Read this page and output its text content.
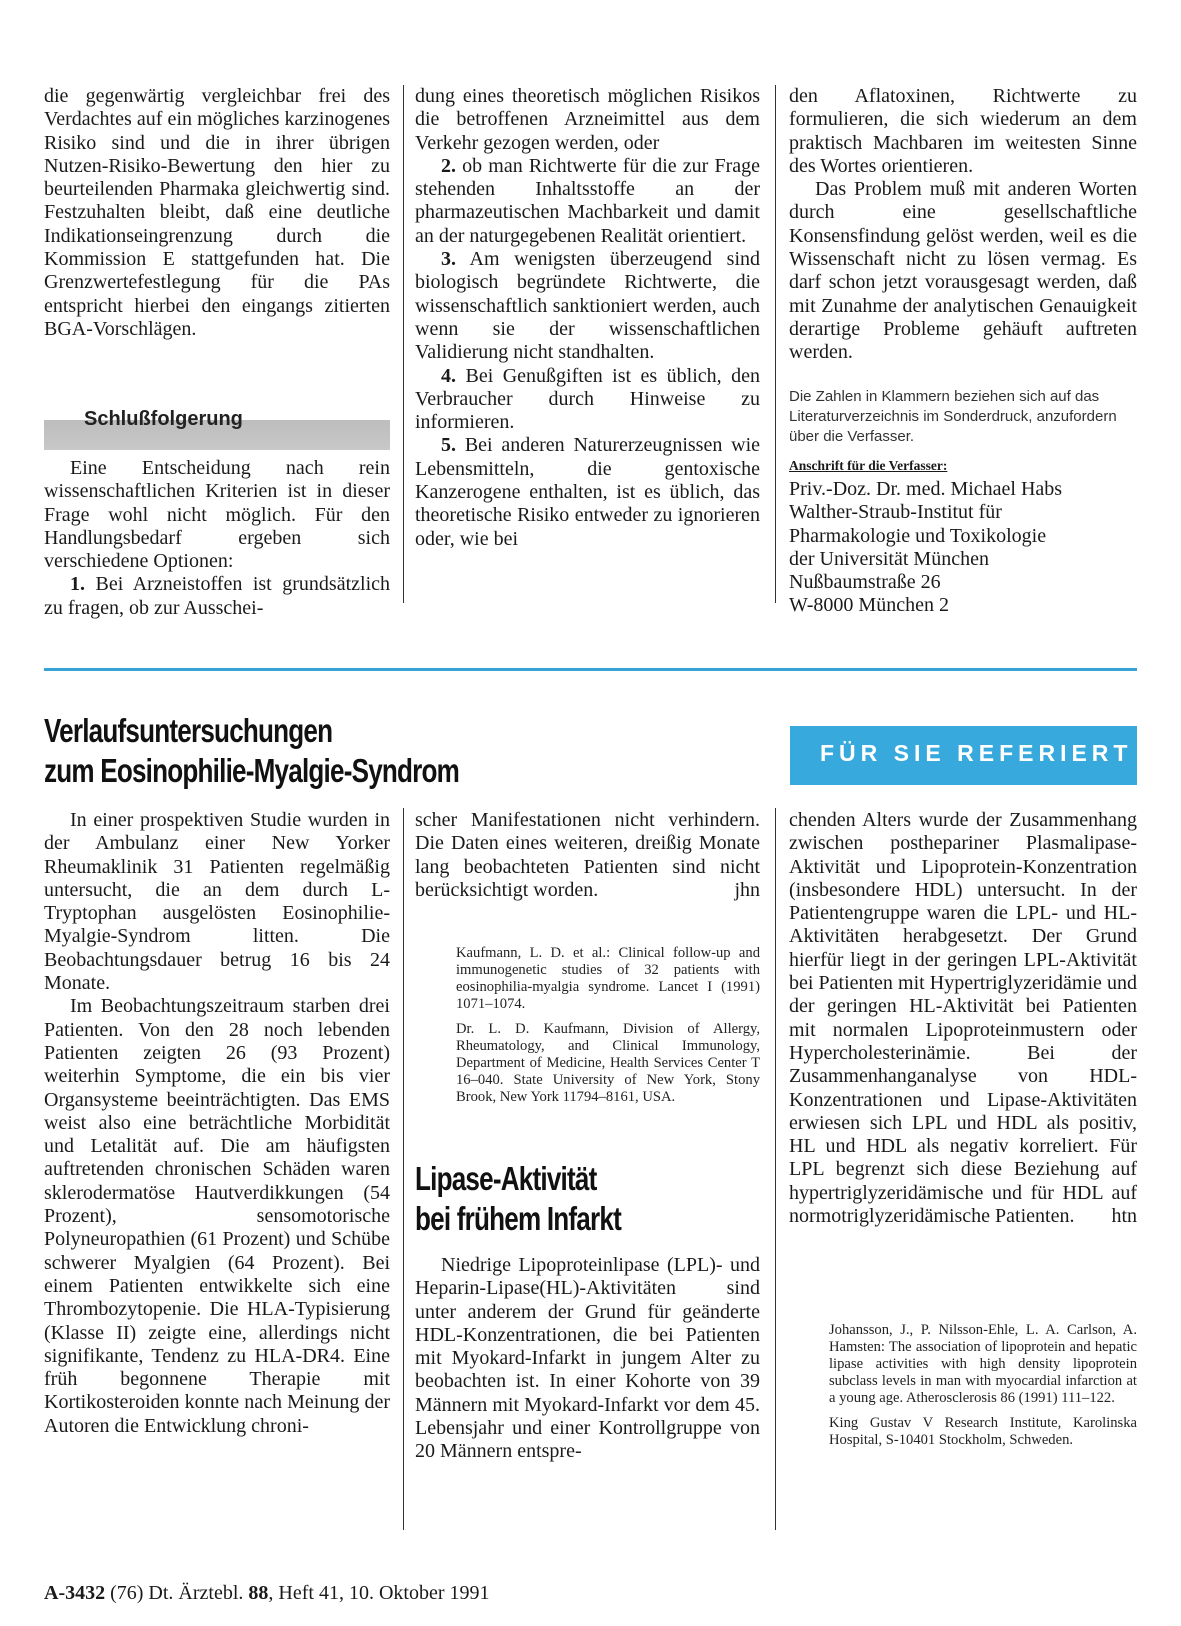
die gegenwärtig vergleichbar frei des Verdachtes auf ein mögliches karzinogenes Risiko sind und die in ihrer übrigen Nutzen-Risiko-Bewertung den hier zu beurteilenden Pharmaka gleichwertig sind. Festzuhalten bleibt, daß eine deutliche Indikationseingrenzung durch die Kommission E stattgefunden hat. Die Grenzwertefestlegung für die PAs entspricht hierbei den eingangs zitierten BGA-Vorschlägen.

Schlußfolgerung

Eine Entscheidung nach rein wissenschaftlichen Kriterien ist in dieser Frage wohl nicht möglich. Für den Handlungsbedarf ergeben sich verschiedene Optionen:

1. Bei Arzneistoffen ist grundsätzlich zu fragen, ob zur Ausschei-

dung eines theoretisch möglichen Risikos die betroffenen Arzneimittel aus dem Verkehr gezogen werden, oder

2. ob man Richtwerte für die zur Frage stehenden Inhaltsstoffe an der pharmazeutischen Machbarkeit und damit an der naturgegebenen Realität orientiert.

3. Am wenigsten überzeugend sind biologisch begründete Richtwerte, die wissenschaftlich sanktioniert werden, auch wenn sie der wissenschaftlichen Validierung nicht standhalten.

4. Bei Genußgiften ist es üblich, den Verbraucher durch Hinweise zu informieren.

5. Bei anderen Naturerzeugnissen wie Lebensmitteln, die gentoxische Kanzerogene enthalten, ist es üblich, das theoretische Risiko entweder zu ignorieren oder, wie bei

den Aflatoxinen, Richtwerte zu formulieren, die sich wiederum an dem praktisch Machbaren im weitesten Sinne des Wortes orientieren.

Das Problem muß mit anderen Worten durch eine gesellschaftliche Konsensfindung gelöst werden, weil es die Wissenschaft nicht zu lösen vermag. Es darf schon jetzt vorausgesagt werden, daß mit Zunahme der analytischen Genauigkeit derartige Probleme gehäuft auftreten werden.

Die Zahlen in Klammern beziehen sich auf das Literaturverzeichnis im Sonderdruck, anzufordern über die Verfasser.
Anschrift für die Verfasser:
Priv.-Doz. Dr. med. Michael Habs
Walther-Straub-Institut für
Pharmakologie und Toxikologie
der Universität München
Nußbaumstraße 26
W-8000 München 2
Verlaufsuntersuchungen
zum Eosinophilie-Myalgie-Syndrom	FÜR SIE REFERIERT

In einer prospektiven Studie wurden in der Ambulanz einer New Yorker Rheumaklinik 31 Patienten regelmäßig untersucht, die an dem durch L-Tryptophan ausgelösten Eosinophilie-Myalgie-Syndrom litten. Die Beobachtungsdauer betrug 16 bis 24 Monate.

Im Beobachtungszeitraum starben drei Patienten. Von den 28 noch lebenden Patienten zeigten 26 (93 Prozent) weiterhin Symptome, die ein bis vier Organsysteme beeinträchtigten. Das EMS weist also eine beträchtliche Morbidität und Letalität auf. Die am häufigsten auftretenden chronischen Schäden waren sklerodermatöse Hautverdikkungen (54 Prozent), sensomotorische Polyneuropathien (61 Prozent) und Schübe schwerer Myalgien (64 Prozent). Bei einem Patienten entwikkelte sich eine Thrombozytopenie. Die HLA-Typisierung (Klasse II) zeigte eine, allerdings nicht signifikante, Tendenz zu HLA-DR4. Eine früh begonnene Therapie mit Kortikosteroiden konnte nach Meinung der Autoren die Entwicklung chroni-

scher Manifestationen nicht verhindern. Die Daten eines weiteren, dreißig Monate lang beobachteten Patienten sind nicht berücksichtigt worden.	jhn

Kaufmann, L. D. et al.: Clinical follow-up and immunogenetic studies of 32 patients with eosinophilia-myalgia syndrome. Lancet I (1991) 1071–1074.

Dr. L. D. Kaufmann, Division of Allergy, Rheumatology, and Clinical Immunology, Department of Medicine, Health Services Center T 16–040. State University of New York, Stony Brook, New York 11794–8161, USA.

Lipase-Aktivität
bei frühem Infarkt

Niedrige Lipoproteinlipase (LPL)- und Heparin-Lipase(HL)-Aktivitäten sind unter anderem der Grund für geänderte HDL-Konzentrationen, die bei Patienten mit Myokard-Infarkt in jungem Alter zu beobachten ist. In einer Kohorte von 39 Männern mit Myokard-Infarkt vor dem 45. Lebensjahr und einer Kontrollgruppe von 20 Männern entspre-

chenden Alters wurde der Zusammenhang zwischen posthepariner Plasmalipase-Aktivität und Lipoprotein-Konzentration (insbesondere HDL) untersucht. In der Patientengruppe waren die LPL- und HL-Aktivitäten herabgesetzt. Der Grund hierfür liegt in der geringen LPL-Aktivität bei Patienten mit Hypertriglyzeridämie und der geringen HL-Aktivität bei Patienten mit normalen Lipoproteinmustern oder Hypercholesterinämie. Bei der Zusammenhanganalyse von HDL-Konzentrationen und Lipase-Aktivitäten erwiesen sich LPL und HDL als positiv, HL und HDL als negativ korreliert. Für LPL begrenzt sich diese Beziehung auf hypertriglyzeridämische und für HDL auf normotriglyzeridämische Patienten.	htn

Johansson, J., P. Nilsson-Ehle, L. A. Carlson, A. Hamsten: The association of lipoprotein and hepatic lipase activities with high density lipoprotein subclass levels in man with myocardial infarction at a young age. Atherosclerosis 86 (1991) 111–122.

King Gustav V Research Institute, Karolinska Hospital, S-10401 Stockholm, Schweden.

A-3432 (76) Dt. Ärztebl. 88, Heft 41, 10. Oktober 1991
